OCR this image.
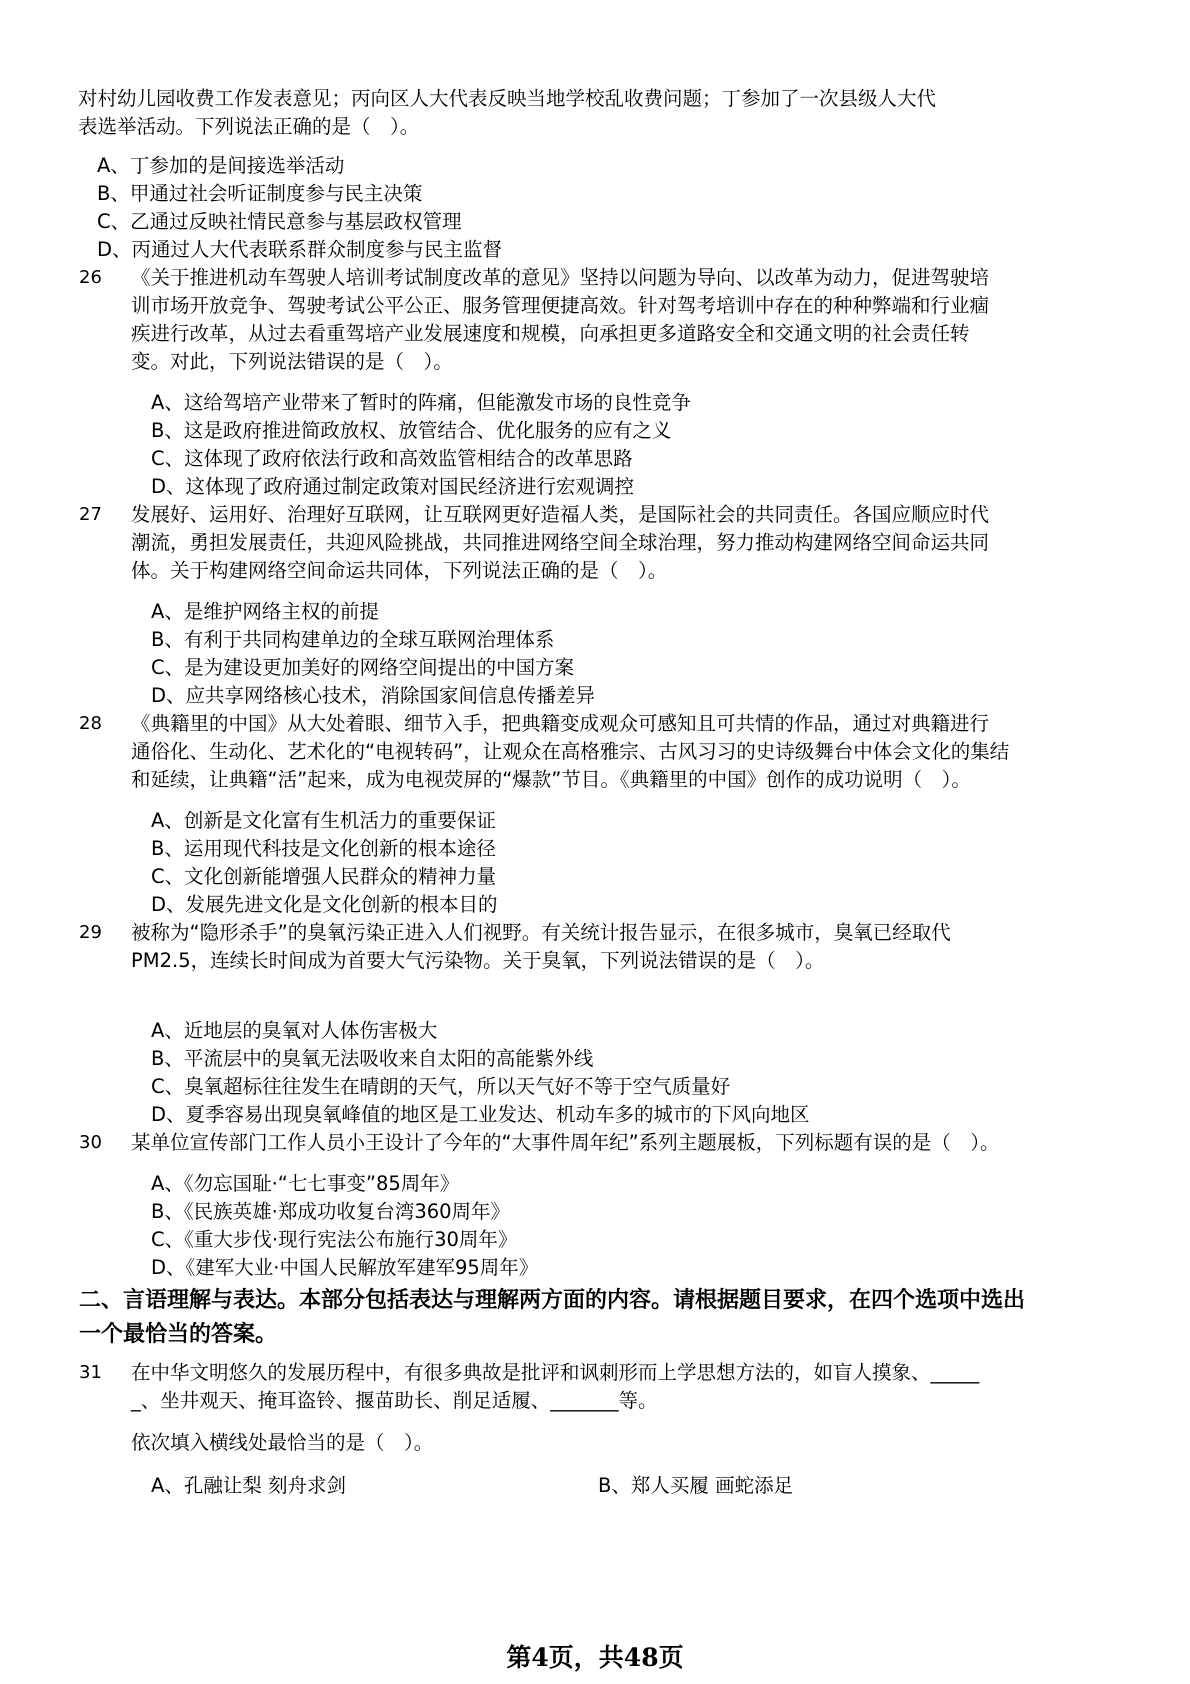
对村幼儿园收费工作发表意见；丙向区人大代表反映当地学校乱收费问题；丁参加了一次县级人大代
表选举活动。下列说法正确的是（　）。
A、丁参加的是间接选举活动
B、甲通过社会听证制度参与民主决策
C、乙通过反映社情民意参与基层政权管理
D、丙通过人大代表联系群众制度参与民主监督
26 《关于推进机动车驾驶人培训考试制度改革的意见》坚持以问题为导向、以改革为动力，促进驾驶培
训市场开放竞争、驾驶考试公平公正、服务管理便捷高效。针对驾考培训中存在的种种弊端和行业痼
疾进行改革，从过去看重驾培产业发展速度和规模，向承担更多道路安全和交通文明的社会责任转
变。对此，下列说法错误的是（　）。
A、这给驾培产业带来了暂时的阵痛，但能激发市场的良性竞争
B、这是政府推进简政放权、放管结合、优化服务的应有之义
C、这体现了政府依法行政和高效监管相结合的改革思路
D、这体现了政府通过制定政策对国民经济进行宏观调控
27 发展好、运用好、治理好互联网，让互联网更好造福人类，是国际社会的共同责任。各国应顺应时代
潮流，勇担发展责任，共迎风险挑战，共同推进网络空间全球治理，努力推动构建网络空间命运共同
体。关于构建网络空间命运共同体，下列说法正确的是（　）。
A、是维护网络主权的前提
B、有利于共同构建单边的全球互联网治理体系
C、是为建设更加美好的网络空间提出的中国方案
D、应共享网络核心技术，消除国家间信息传播差异
28 《典籍里的中国》从大处着眼、细节入手，把典籍变成观众可感知且可共情的作品，通过对典籍进行
通俗化、生动化、艺术化的“电视转码”，让观众在高格雅宗、古风习习的史诗级舞台中体会文化的集结
和延续，让典籍“活”起来，成为电视荧屏的“爆款”节目。《典籍里的中国》创作的成功说明（　）。
A、创新是文化富有生机活力的重要保证
B、运用现代科技是文化创新的根本途径
C、文化创新能增强人民群众的精神力量
D、发展先进文化是文化创新的根本目的
29 被称为“隐形杀手”的臭氧污染正进入人们视野。有关统计报告显示，在很多城市，臭氧已经取代
PM2.5，连续长时间成为首要大气污染物。关于臭氧，下列说法错误的是（　）。
A、近地层的臭氧对人体伤害极大
B、平流层中的臭氧无法吸收来自太阳的高能紫外线
C、臭氧超标往往发生在晴朗的天气，所以天气好不等于空气质量好
D、夏季容易出现臭氧峰值的地区是工业发达、机动车多的城市的下风向地区
30 某单位宣传部门工作人员小王设计了今年的“大事件周年纪”系列主题展板，下列标题有误的是（　）。
A、《勿忘国耻·“七七事变”85周年》
B、《民族英雄·郑成功收复台湾360周年》
C、《重大步伐·现行宪法公布施行30周年》
D、《建军大业·中国人民解放军建军95周年》
二、言语理解与表达。本部分包括表达与理解两方面的内容。请根据题目要求，在四个选项中选出
一个最恰当的答案。
31 在中华文明悠久的发展历程中，有很多典故是批评和讽刺形而上学思想方法的，如盲人摸象、_____
_、坐井观天、掩耳盗铃、揠苗助长、削足适履、_______等。
依次填入横线处最恰当的是（　）。
A、孔融让梨 刻舟求剑	B、郑人买履 画蛇添足
第4页，共48页
